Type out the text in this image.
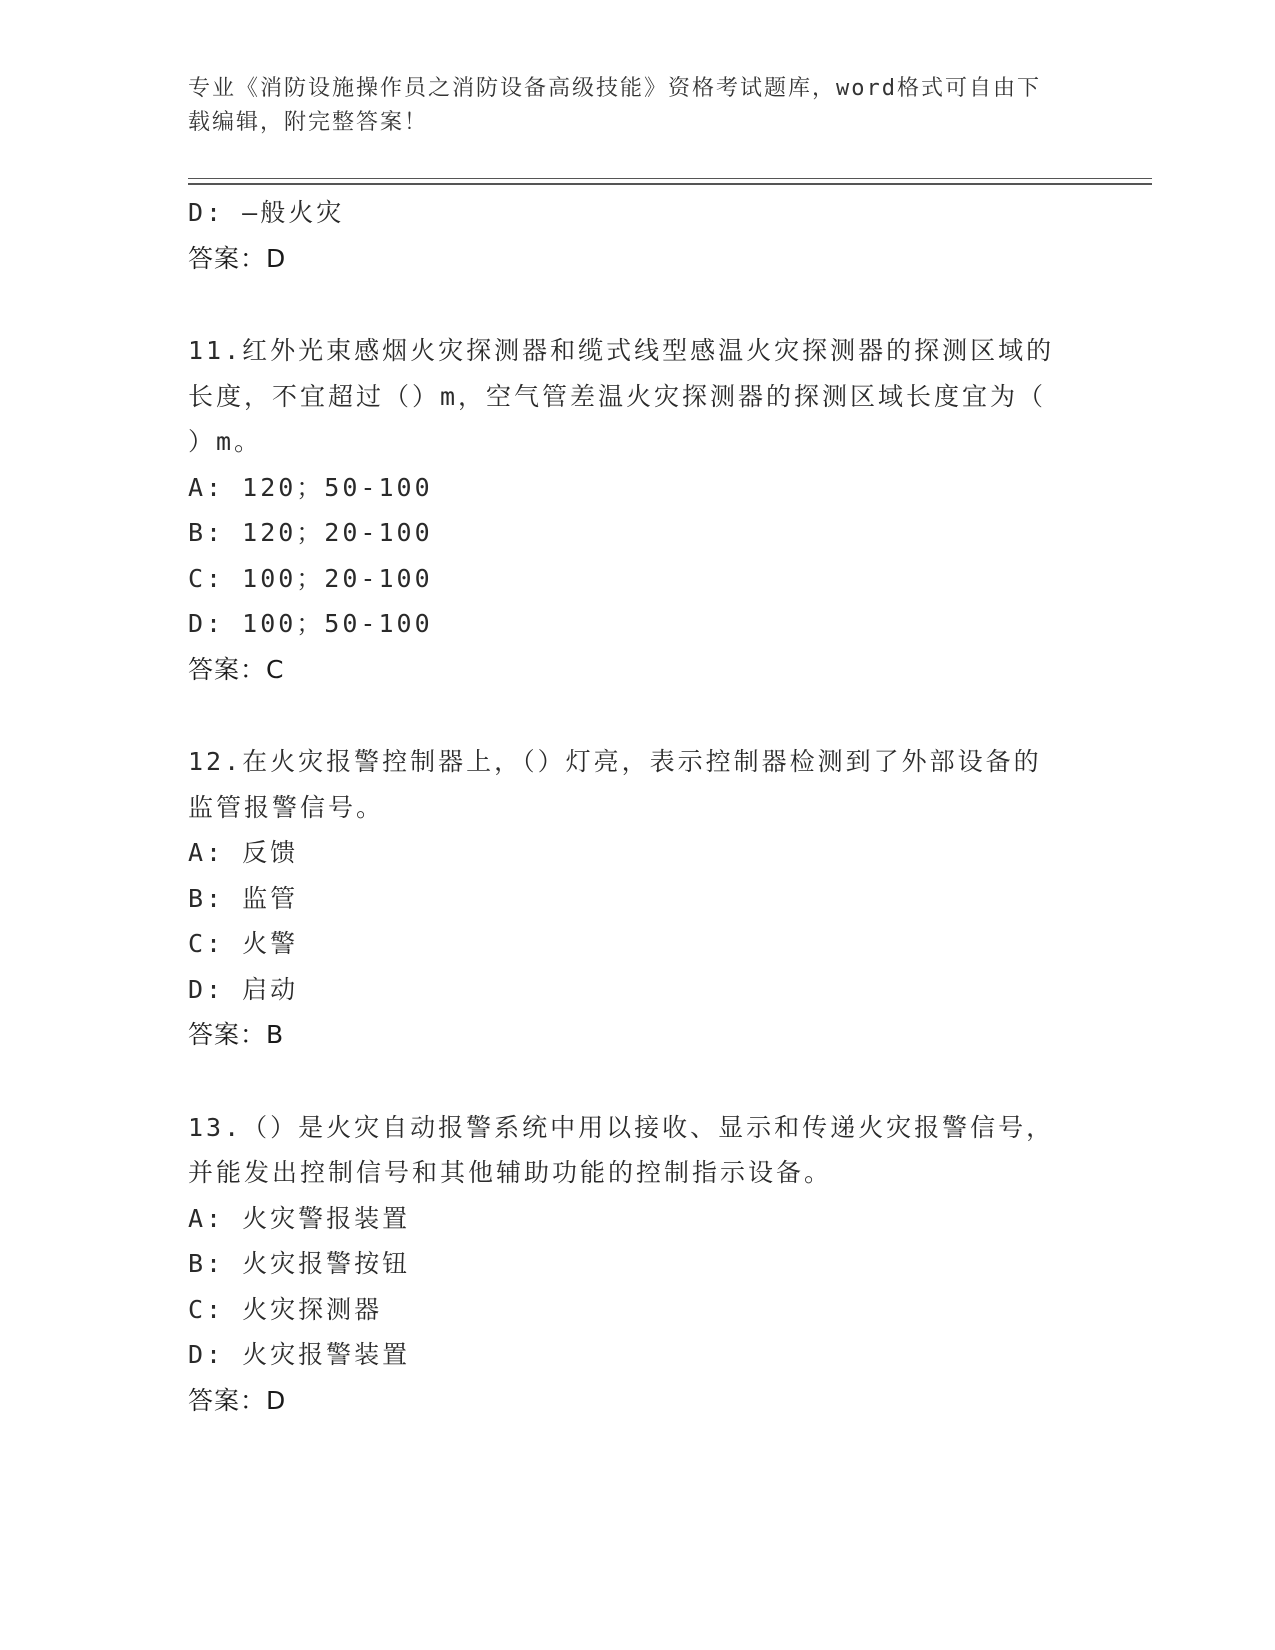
专业《消防设施操作员之消防设备高级技能》资格考试题库，word格式可自由下
载编辑，附完整答案！
D: —般火灾
答案：D
11.红外光束感烟火灾探测器和缆式线型感温火灾探测器的探测区域的
长度，不宜超过（）m，空气管差温火灾探测器的探测区域长度宜为（
）m。
A: 120；50-100
B: 120；20-100
C: 100；20-100
D: 100；50-100
答案：C
12.在火灾报警控制器上，（）灯亮，表示控制器检测到了外部设备的
监管报警信号。
A: 反馈
B: 监管
C: 火警
D: 启动
答案：B
13.（）是火灾自动报警系统中用以接收、显示和传递火灾报警信号，
并能发出控制信号和其他辅助功能的控制指示设备。
A: 火灾警报装置
B: 火灾报警按钮
C: 火灾探测器
D: 火灾报警装置
答案：D
